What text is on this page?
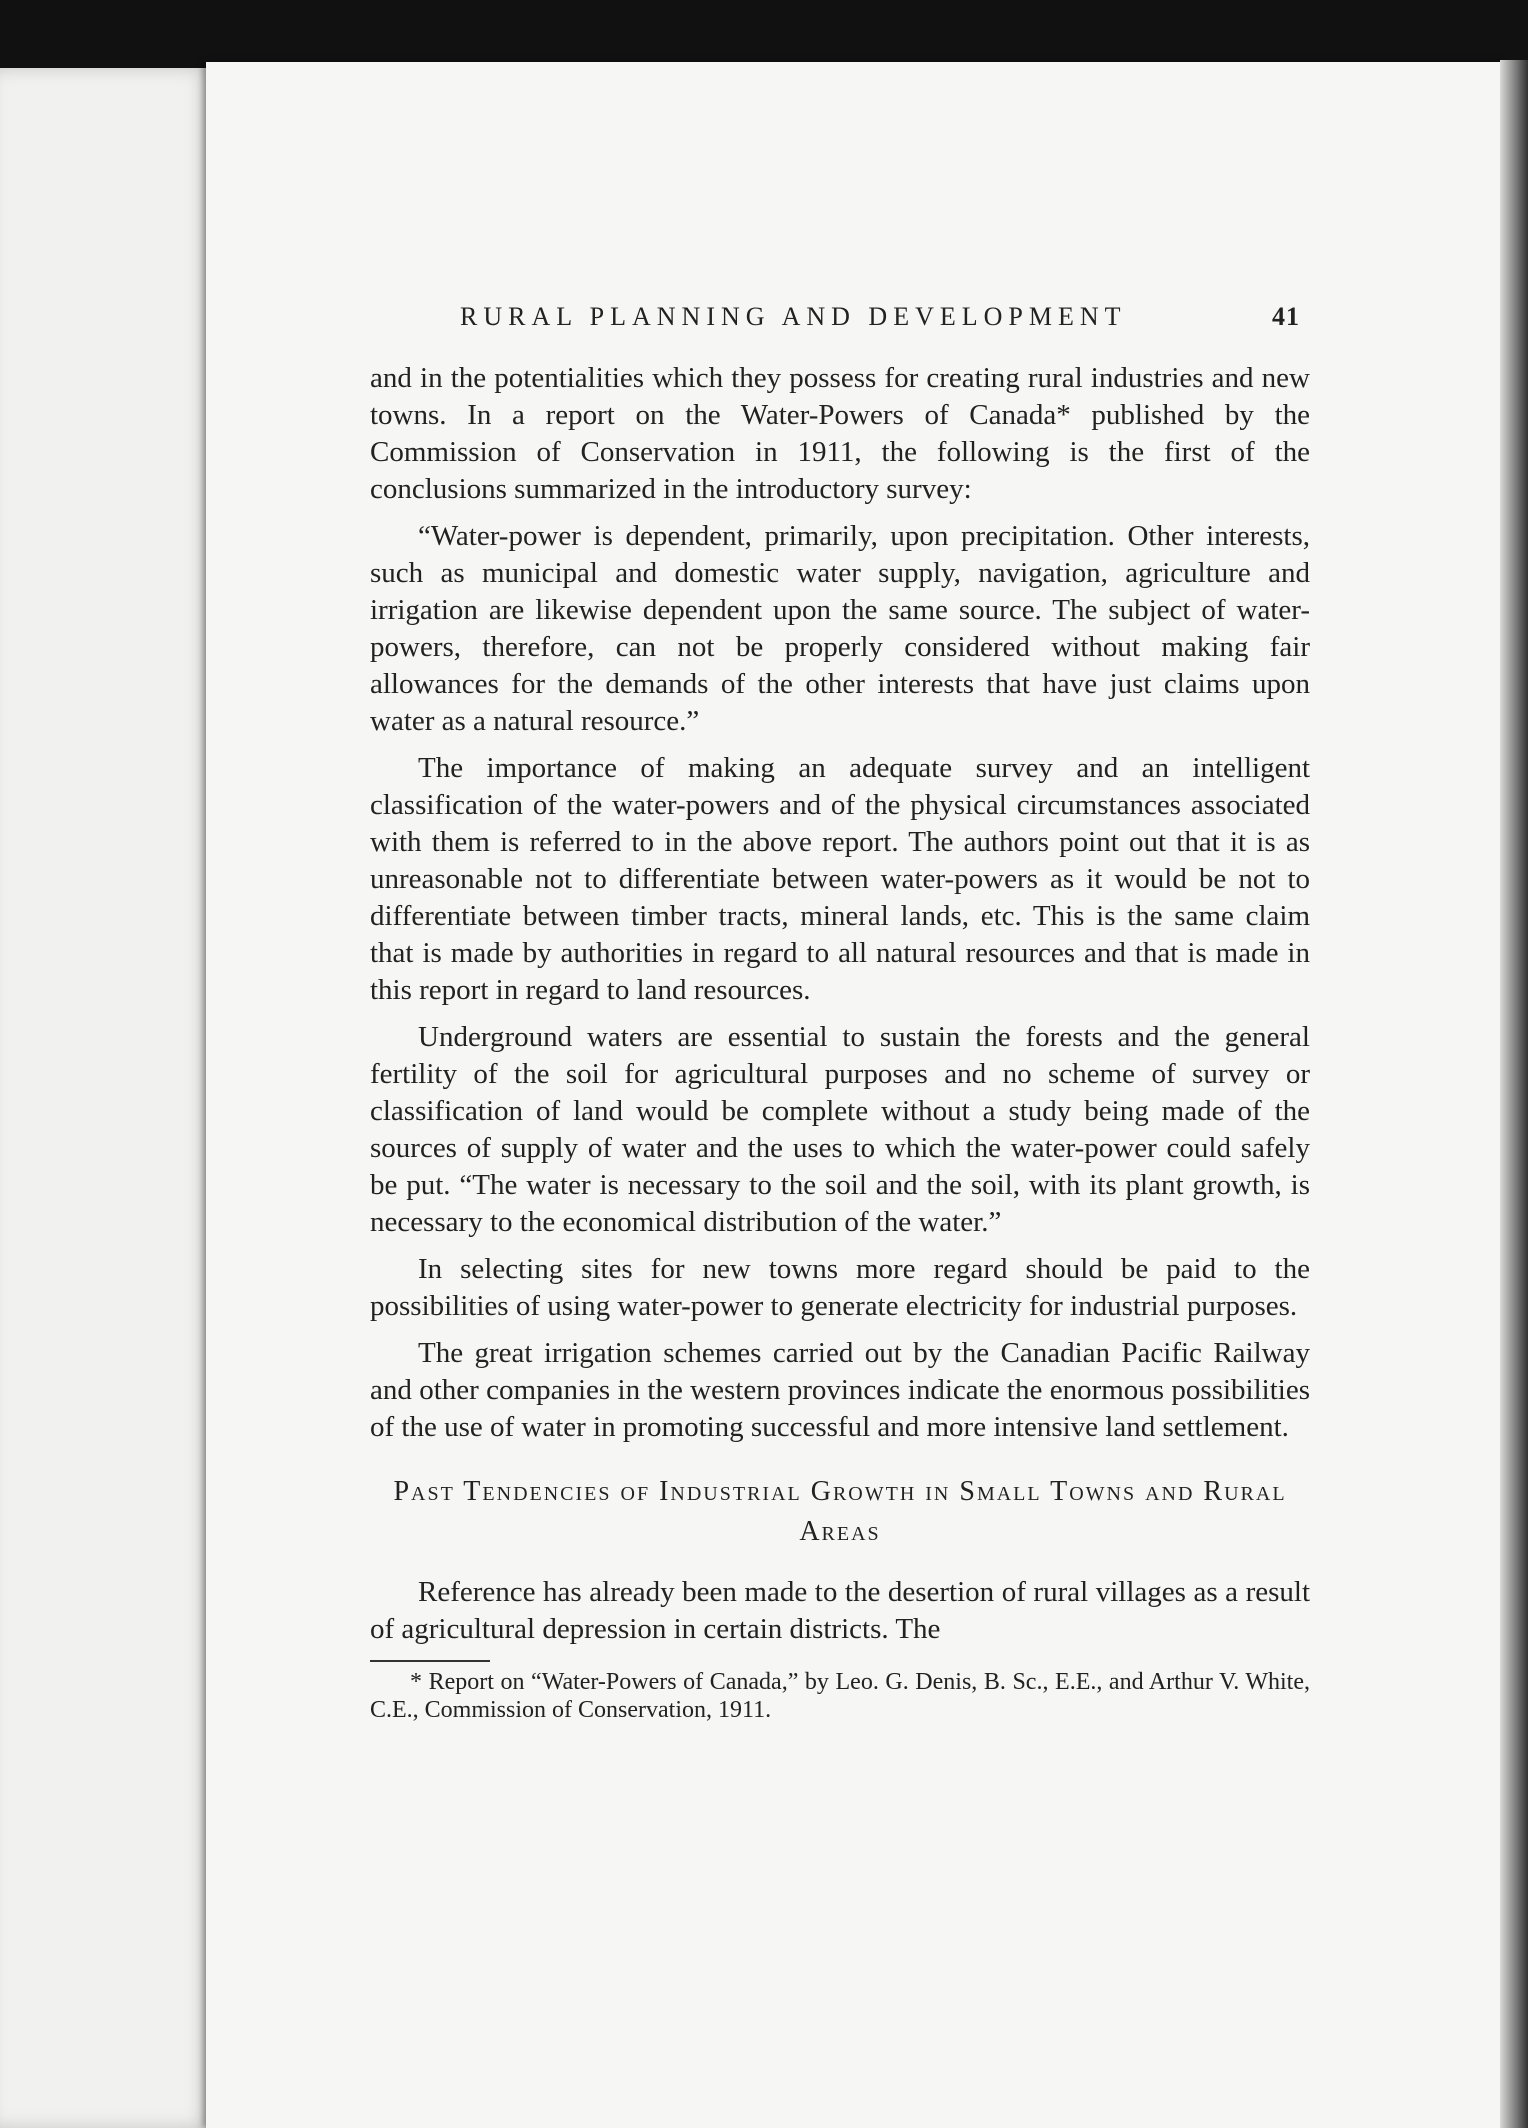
RURAL PLANNING AND DEVELOPMENT	41

and in the potentialities which they possess for creating rural industries and new towns. In a report on the Water-Powers of Canada* published by the Commission of Conservation in 1911, the following is the first of the conclusions summarized in the introductory survey:

“Water-power is dependent, primarily, upon precipitation. Other interests, such as municipal and domestic water supply, navigation, agriculture and irrigation are likewise dependent upon the same source. The subject of water-powers, therefore, can not be properly considered without making fair allowances for the demands of the other interests that have just claims upon water as a natural resource.”

The importance of making an adequate survey and an intelligent classification of the water-powers and of the physical circumstances associated with them is referred to in the above report. The authors point out that it is as unreasonable not to differentiate between water-powers as it would be not to differentiate between timber tracts, mineral lands, etc. This is the same claim that is made by authorities in regard to all natural resources and that is made in this report in regard to land resources.

Underground waters are essential to sustain the forests and the general fertility of the soil for agricultural purposes and no scheme of survey or classification of land would be complete without a study being made of the sources of supply of water and the uses to which the water-power could safely be put. “The water is necessary to the soil and the soil, with its plant growth, is necessary to the economical distribution of the water.”

In selecting sites for new towns more regard should be paid to the possibilities of using water-power to generate electricity for industrial purposes.

The great irrigation schemes carried out by the Canadian Pacific Railway and other companies in the western provinces indicate the enormous possibilities of the use of water in promoting successful and more intensive land settlement.

Past Tendencies of Industrial Growth in Small Towns and Rural Areas

Reference has already been made to the desertion of rural villages as a result of agricultural depression in certain districts. The

* Report on “Water-Powers of Canada,” by Leo. G. Denis, B. Sc., E.E., and Arthur V. White, C.E., Commission of Conservation, 1911.
